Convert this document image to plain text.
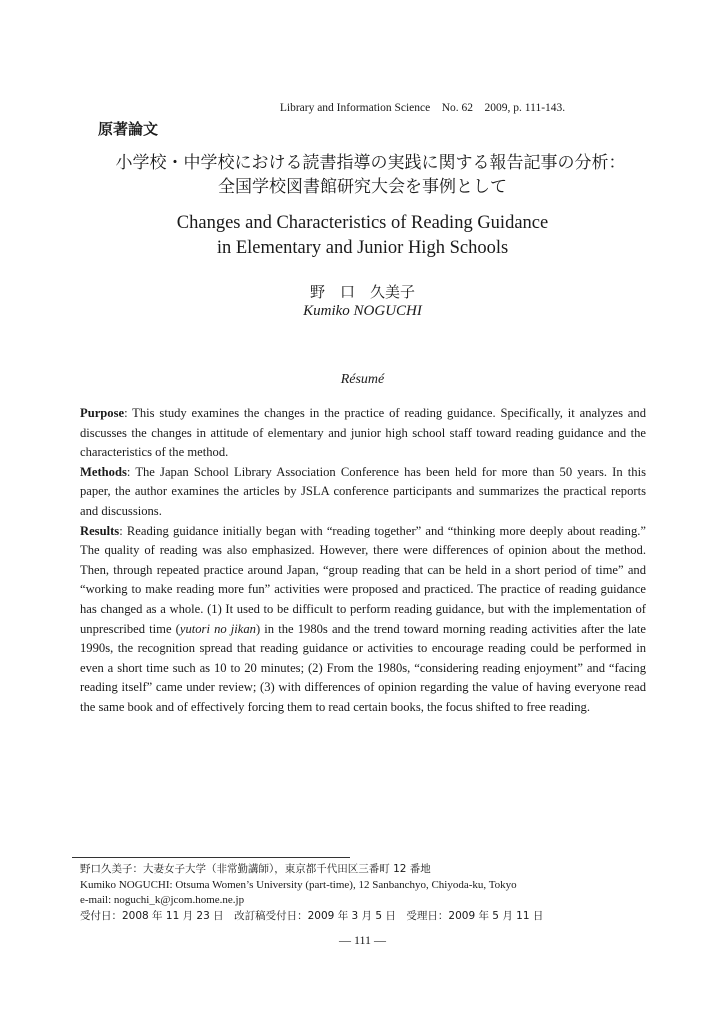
Library and Information Science　No. 62　2009, p. 111-143.
原著論文
小学校・中学校における読書指導の実践に関する報告記事の分析：
全国学校図書館研究大会を事例として
Changes and Characteristics of Reading Guidance
in Elementary and Junior High Schools
野　口　久美子
Kumiko NOGUCHI
Résumé

Purpose: This study examines the changes in the practice of reading guidance. Specifically, it analyzes and discusses the changes in attitude of elementary and junior high school staff toward reading guidance and the characteristics of the method.

Methods: The Japan School Library Association Conference has been held for more than 50 years. In this paper, the author examines the articles by JSLA conference participants and summarizes the practical reports and discussions.

Results: Reading guidance initially began with “reading together” and “thinking more deeply about reading.” The quality of reading was also emphasized. However, there were differences of opinion about the method. Then, through repeated practice around Japan, “group reading that can be held in a short period of time” and “working to make reading more fun” activities were proposed and practiced. The practice of reading guidance has changed as a whole. (1) It used to be difficult to perform reading guidance, but with the implementation of unprescribed time (yutori no jikan) in the 1980s and the trend toward morning reading activities after the late 1990s, the recognition spread that reading guidance or activities to encourage reading could be performed in even a short time such as 10 to 20 minutes; (2) From the 1980s, “considering reading enjoyment” and “facing reading itself” came under review; (3) with differences of opinion regarding the value of having everyone read the same book and of effectively forcing them to read certain books, the focus shifted to free reading.

野口久美子：大妻女子大学（非常勤講師），東京都千代田区三番町 12 番地
Kumiko NOGUCHI: Otsuma Women’s University (part-time), 12 Sanbanchyo, Chiyoda-ku, Tokyo
e-mail: noguchi_k@jcom.home.ne.jp
受付日：2008 年 11 月 23 日　改訂稿受付日：2009 年 3 月 5 日　受理日：2009 年 5 月 11 日
― 111 ―
